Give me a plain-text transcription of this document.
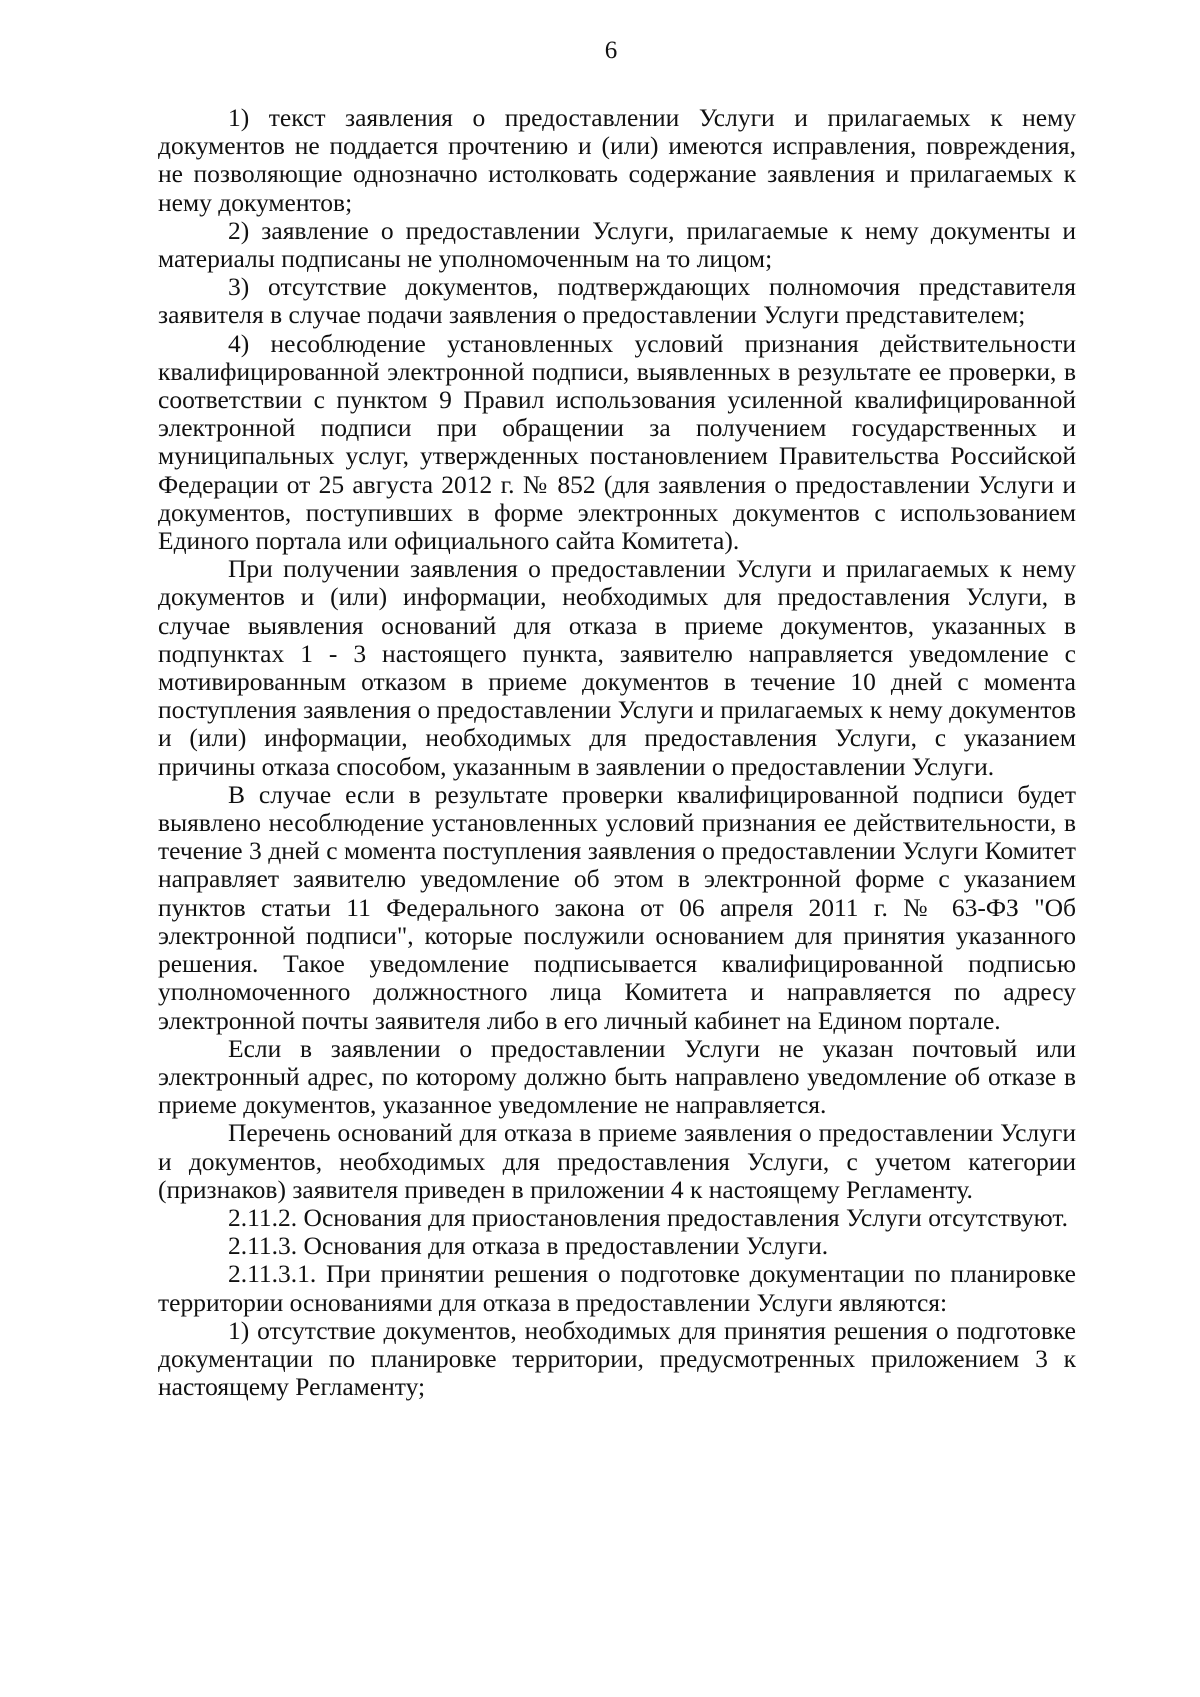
6

1) текст заявления о предоставлении Услуги и прилагаемых к нему документов не поддается прочтению и (или) имеются исправления, повреждения, не позволяющие однозначно истолковать содержание заявления и прилагаемых к нему документов;

2) заявление о предоставлении Услуги, прилагаемые к нему документы и материалы подписаны не уполномоченным на то лицом;

3) отсутствие документов, подтверждающих полномочия представителя заявителя в случае подачи заявления о предоставлении Услуги представителем;

4) несоблюдение установленных условий признания действительности квалифицированной электронной подписи, выявленных в результате ее проверки, в соответствии с пунктом 9 Правил использования усиленной квалифицированной электронной подписи при обращении за получением государственных и муниципальных услуг, утвержденных постановлением Правительства Российской Федерации от 25 августа 2012 г. № 852 (для заявления о предоставлении Услуги и документов, поступивших в форме электронных документов с использованием Единого портала или официального сайта Комитета).

При получении заявления о предоставлении Услуги и прилагаемых к нему документов и (или) информации, необходимых для предоставления Услуги, в случае выявления оснований для отказа в приеме документов, указанных в подпунктах 1 - 3 настоящего пункта, заявителю направляется уведомление с мотивированным отказом в приеме документов в течение 10 дней с момента поступления заявления о предоставлении Услуги и прилагаемых к нему документов и (или) информации, необходимых для предоставления Услуги, с указанием причины отказа способом, указанным в заявлении о предоставлении Услуги.

В случае если в результате проверки квалифицированной подписи будет выявлено несоблюдение установленных условий признания ее действительности, в течение 3 дней с момента поступления заявления о предоставлении Услуги Комитет направляет заявителю уведомление об этом в электронной форме с указанием пунктов статьи 11 Федерального закона от 06 апреля 2011 г. № 63-ФЗ "Об электронной подписи", которые послужили основанием для принятия указанного решения. Такое уведомление подписывается квалифицированной подписью уполномоченного должностного лица Комитета и направляется по адресу электронной почты заявителя либо в его личный кабинет на Едином портале.

Если в заявлении о предоставлении Услуги не указан почтовый или электронный адрес, по которому должно быть направлено уведомление об отказе в приеме документов, указанное уведомление не направляется.

Перечень оснований для отказа в приеме заявления о предоставлении Услуги и документов, необходимых для предоставления Услуги, с учетом категории (признаков) заявителя приведен в приложении 4 к настоящему Регламенту.

2.11.2. Основания для приостановления предоставления Услуги отсутствуют.

2.11.3. Основания для отказа в предоставлении Услуги.

2.11.3.1. При принятии решения о подготовке документации по планировке территории основаниями для отказа в предоставлении Услуги являются:

1) отсутствие документов, необходимых для принятия решения о подготовке документации по планировке территории, предусмотренных приложением 3 к настоящему Регламенту;
